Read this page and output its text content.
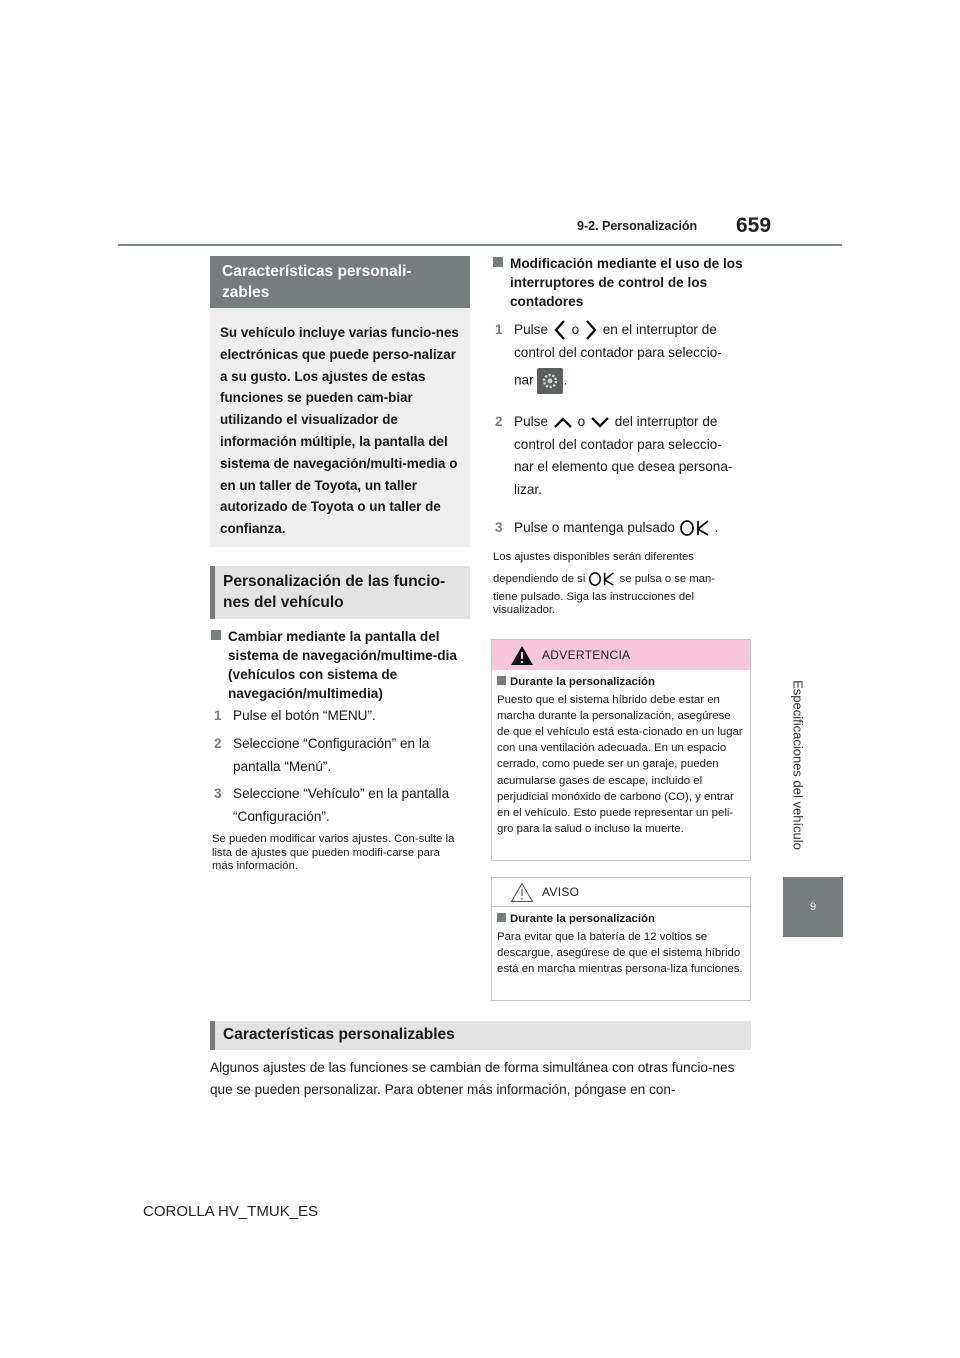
9-2. Personalización 659
Especificaciones del vehículo
9
Características personali-zables
Su vehículo incluye varias funcio-nes electrónicas que puede perso-nalizar a su gusto. Los ajustes de estas funciones se pueden cam-biar utilizando el visualizador de información múltiple, la pantalla del sistema de navegación/multi-media o en un taller de Toyota, un taller autorizado de Toyota o un taller de confianza.
Personalización de las funcio-nes del vehículo
Cambiar mediante la pantalla del sistema de navegación/multime-dia (vehículos con sistema de navegación/multimedia)
1 Pulse el botón “MENU”.
2 Seleccione “Configuración” en la pantalla “Menú”.
3 Seleccione “Vehículo” en la pantalla “Configuración”.
Se pueden modificar varios ajustes. Con-sulte la lista de ajustes que pueden modifi-carse para más información.
Modificación mediante el uso de los interruptores de control de los contadores
1 Pulse o en el interruptor de
control del contador para seleccio-
nar .
2 Pulse o del interruptor de
control del contador para seleccio-
nar el elemento que desea persona-
lizar.
3 Pulse o mantenga pulsado	.
Los ajustes disponibles serán diferentes
dependiendo de si	se pulsa o se man-
tiene pulsado. Siga las instrucciones del visualizador.
ADVERTENCIA
Durante la personalización
Puesto que el sistema híbrido debe estar en marcha durante la personalización, asegúrese de que el vehículo está esta-cionado en un lugar con una ventilación adecuada. En un espacio cerrado, como puede ser un garaje, pueden acumularse gases de escape, incluido el perjudicial monóxido de carbono (CO), y entrar en el vehículo. Esto puede representar un peli-gro para la salud o incluso la muerte.
AVISO
Durante la personalización
Para evitar que la batería de 12 voltios se descargue, asegúrese de que el sistema híbrido está en marcha mientras persona-liza funciones.
Características personalizables
Algunos ajustes de las funciones se cambian de forma simultánea con otras funcio-nes que se pueden personalizar. Para obtener más información, póngase en con-
COROLLA HV_TMUK_ES
